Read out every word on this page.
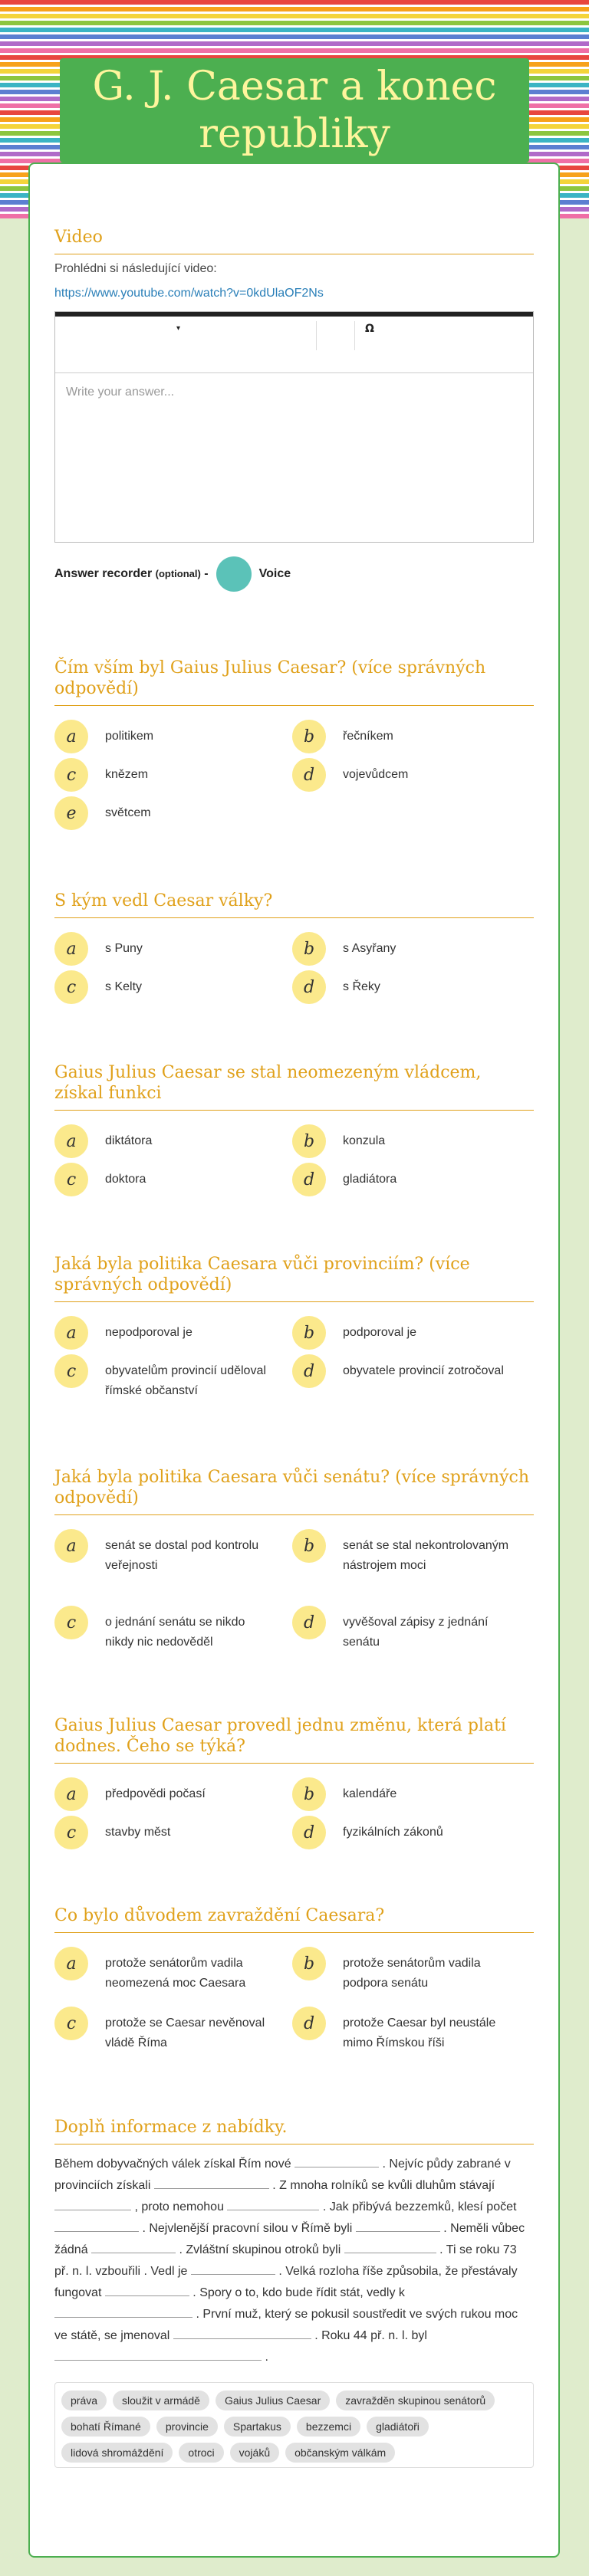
G. J. Caesar a konec republiky
Video
Prohlédni si následující video:
https://www.youtube.com/watch?v=0kdUlaOF2Ns
▾	Ω
Write your answer...
Answer recorder (optional) -	Voice
Čím vším byl Gaius Julius Caesar? (více správných odpovědí)
a	politikem	b	řečníkem
c	knězem	d	vojevůdcem
e	světcem
S kým vedl Caesar války?
a	s Puny	b	s Asyřany
c	s Kelty	d	s Řeky
Gaius Julius Caesar se stal neomezeným vládcem, získal funkci
a	diktátora	b	konzula
c	doktora	d	gladiátora
Jaká byla politika Caesara vůči provinciím? (více správných odpovědí)
a	nepodporoval je	b	podporoval je
c	obyvatelům provincií uděloval římské občanství
d	obyvatele provincií zotročoval
Jaká byla politika Caesara vůči senátu? (více správných odpovědí)
a	senát se dostal pod kontrolu veřejnosti
b	senát se stal nekontrolovaným nástrojem moci
c	o jednání senátu se nikdo nikdy nic nedověděl
d	vyvěšoval zápisy z jednání senátu
Gaius Julius Caesar provedl jednu změnu, která platí dodnes. Čeho se týká?
a	předpovědi počasí	b	kalendáře
c	stavby měst	d	fyzikálních zákonů
Co bylo důvodem zavraždění Caesara?
a	protože senátorům vadila neomezená moc Caesara
b	protože senátorům vadila podpora senátu
c	protože se Caesar nevěnoval vládě Říma
d	protože Caesar byl neustále mimo Římskou říši
Doplň informace z nabídky.
Během dobyvačných válek získal Řím nové	. Nejvíc půdy zabrané v provinciích získali	. Z mnoha rolníků se kvůli dluhům stávají  , proto nemohou	. Jak přibývá bezzemků, klesí počet  . Nejvlenější pracovní silou v Římě byli	. Neměli vůbec žádná	. Zvláštní skupinou otroků byli	. Ti se roku 73 př. n. l. vzbouřili . Vedl je	. Velká rozloha říše způsobila, že přestávaly fungovat	. Spory o to, kdo bude řídit stát, vedly k  . První muž, který se pokusil soustředit ve svých rukou moc ve státě, se jmenoval	. Roku 44 př. n. l. byl  .
práva	sloužit v armádě	Gaius Julius Caesar	zavražděn skupinou senátorů
bohatí Římané	provincie	Spartakus	bezzemci	gladiátoři
lidová shromáždění	otroci	vojáků	občanským válkám
